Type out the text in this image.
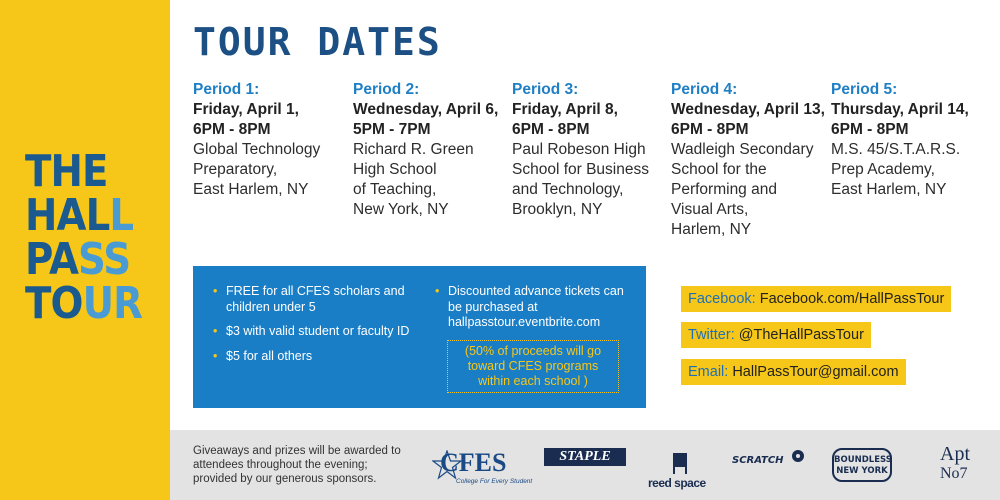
THE
HALL
PASS
TOUR
TOUR DATES
Period 1:
Friday, April 1,
6PM - 8PM
Global Technology
Preparatory,
East Harlem, NY
Period 2:
Wednesday, April 6,
5PM - 7PM
Richard R. Green
High School
of Teaching,
New York, NY
Period 3:
Friday, April 8,
6PM - 8PM
Paul Robeson High
School for Business
and Technology,
Brooklyn, NY
Period 4:
Wednesday, April 13,
6PM - 8PM
Wadleigh Secondary
School for the
Performing and
Visual Arts,
Harlem, NY
Period 5:
Thursday, April 14,
6PM - 8PM
M.S. 45/S.T.A.R.S.
Prep Academy,
East Harlem, NY
• FREE for all CFES scholars and children under 5
• $3 with valid student or faculty ID
• $5 for all others
• Discounted advance tickets can be purchased at hallpasstour.eventbrite.com
(50% of proceeds will go toward CFES programs within each school )
Facebook: Facebook.com/HallPassTour
Twitter: @TheHallPassTour
Email: HallPassTour@gmail.com
Giveaways and prizes will be awarded to attendees throughout the evening; provided by our generous sponsors.
CFES
College For Every Student
STAPLE
reed space
SCRATCH	BOUNDLESS NEW YORK
Apt
No7
